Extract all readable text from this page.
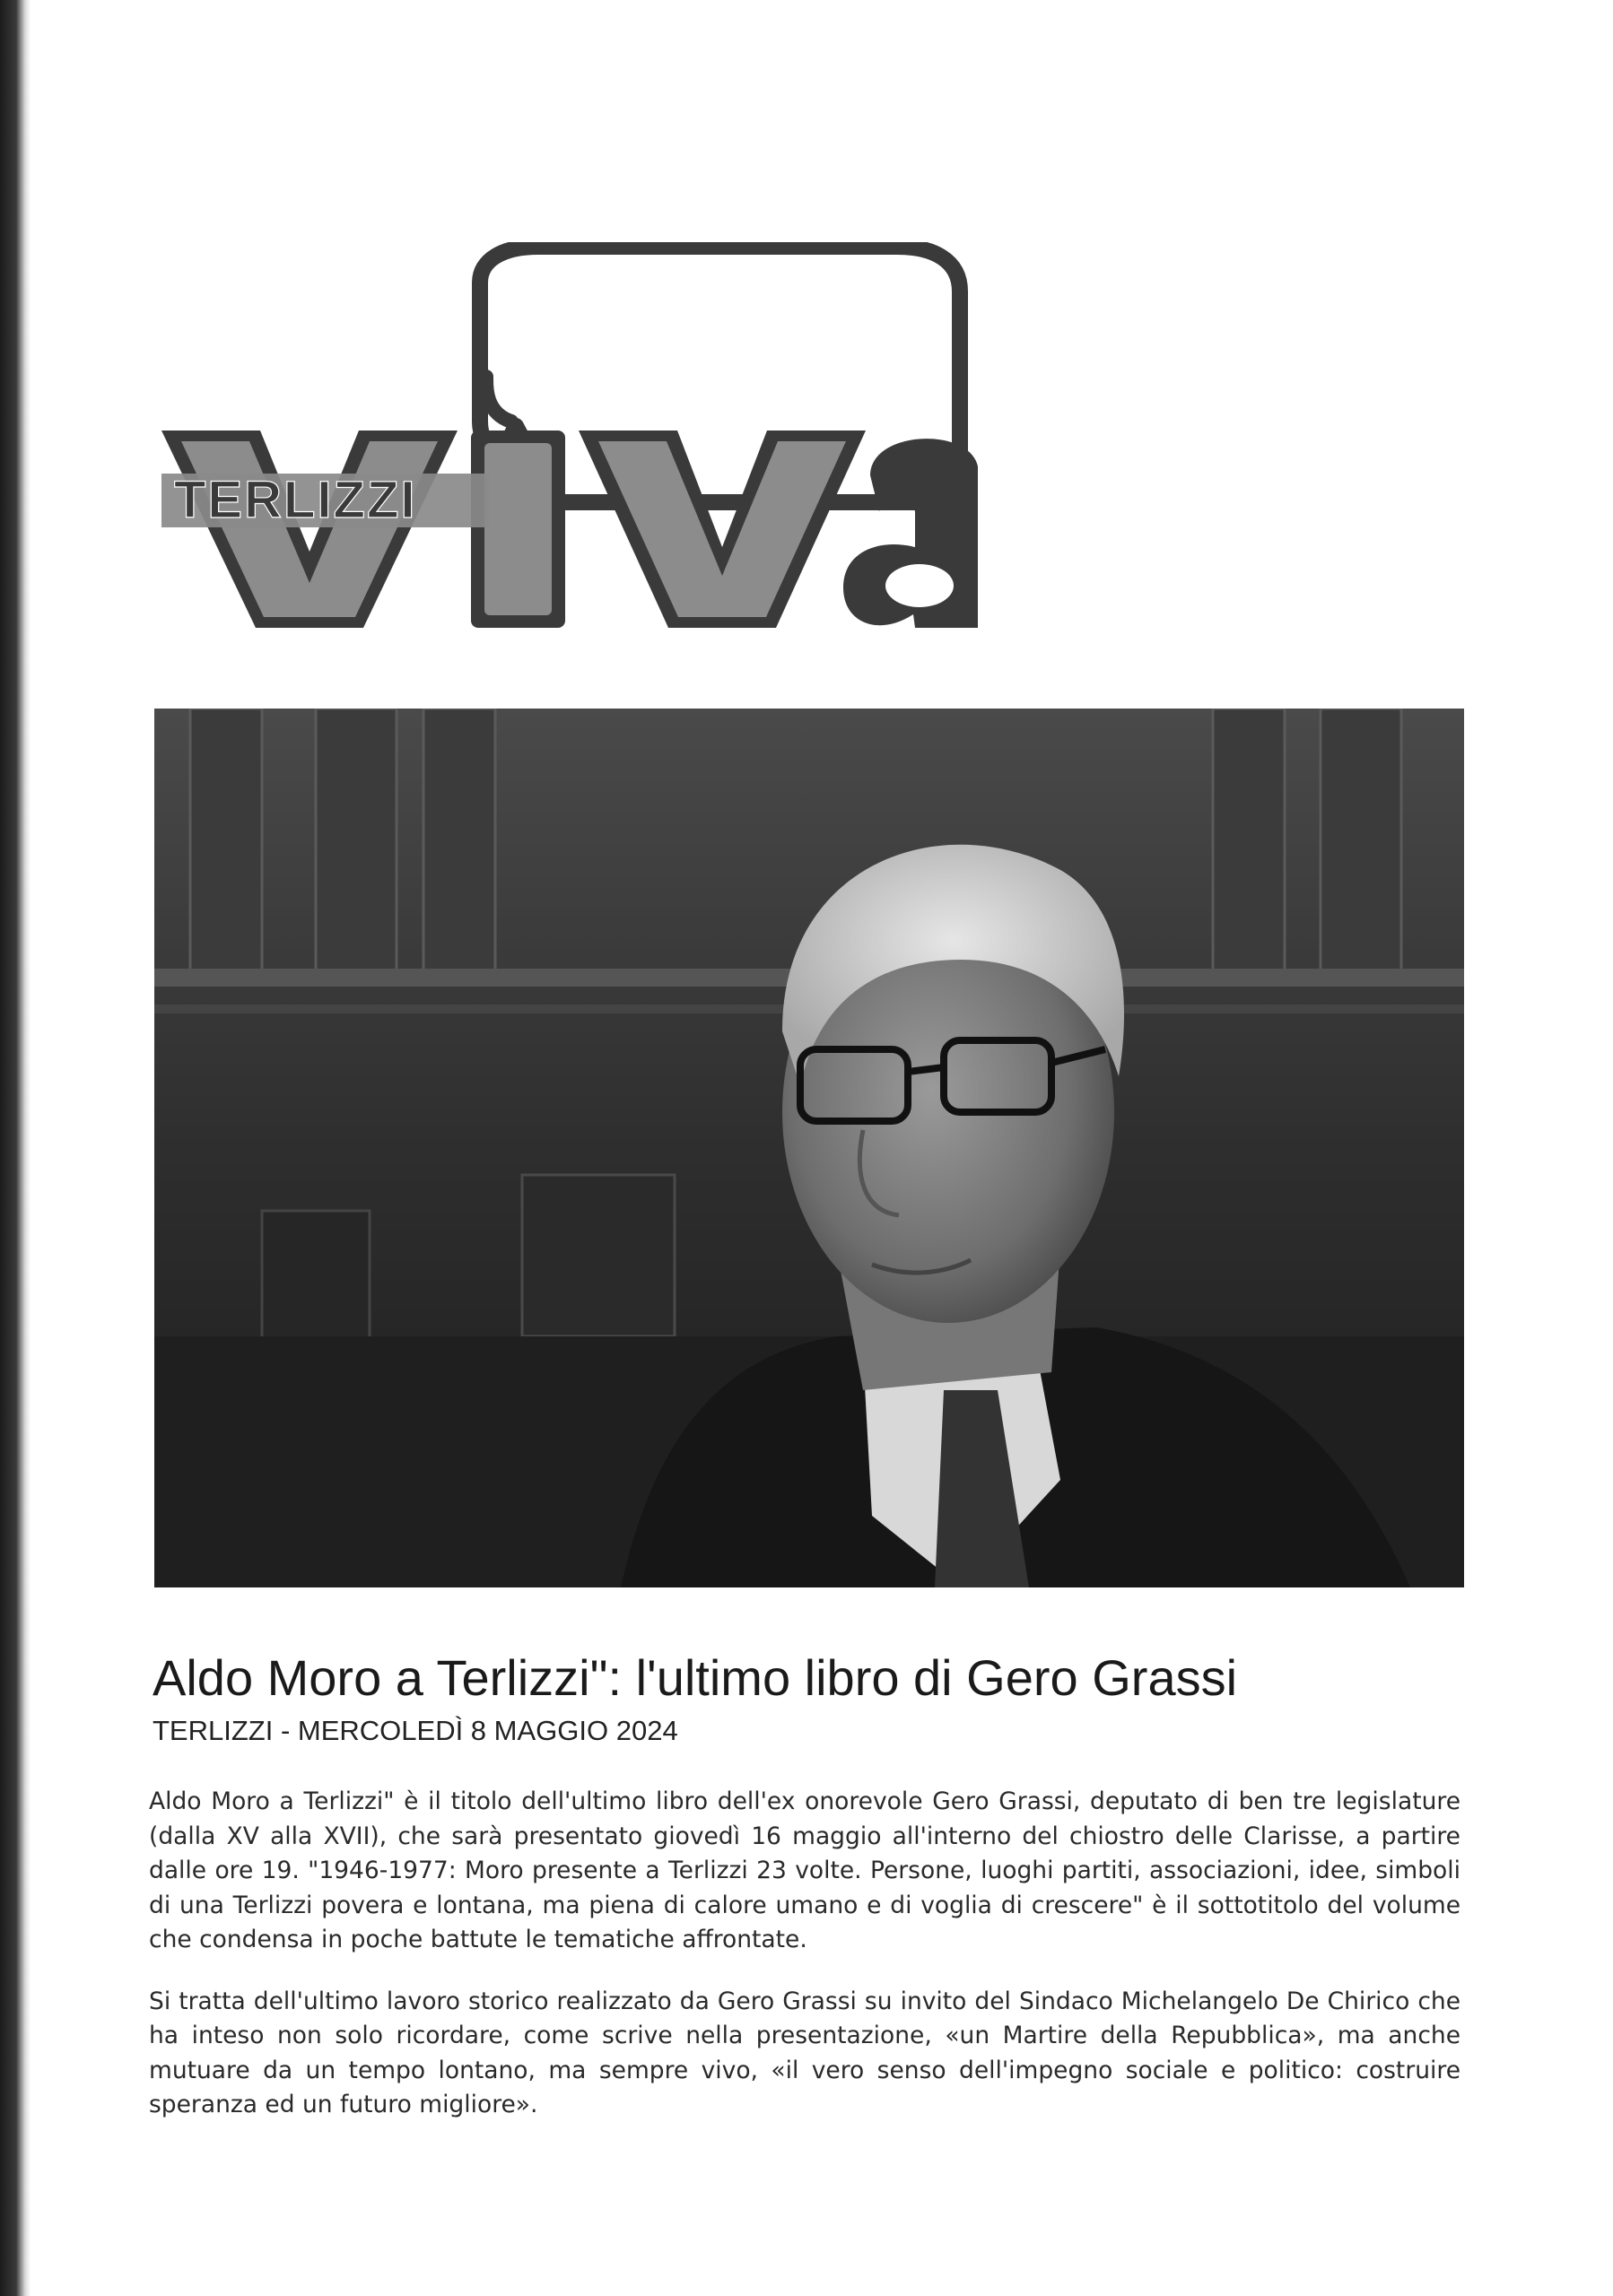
TERLIZZI
Aldo Moro a Terlizzi": l'ultimo libro di Gero Grassi
TERLIZZI - MERCOLEDÌ 8 MAGGIO 2024

Aldo Moro a Terlizzi" è il titolo dell'ultimo libro dell'ex onorevole Gero Grassi, deputato di ben tre legislature (dalla XV alla XVII), che sarà presentato giovedì 16 maggio all'interno del chiostro delle Clarisse, a partire dalle ore 19. "1946-1977: Moro presente a Terlizzi 23 volte. Persone, luoghi partiti, associazioni, idee, simboli di una Terlizzi povera e lontana, ma piena di calore umano e di voglia di crescere" è il sottotitolo del volume che condensa in poche battute le tematiche affrontate.

Si tratta dell'ultimo lavoro storico realizzato da Gero Grassi su invito del Sindaco Michelangelo De Chirico che ha inteso non solo ricordare, come scrive nella presentazione, «un Martire della Repubblica», ma anche mutuare da un tempo lontano, ma sempre vivo, «il vero senso dell'impegno sociale e politico: costruire speranza ed un futuro migliore».
